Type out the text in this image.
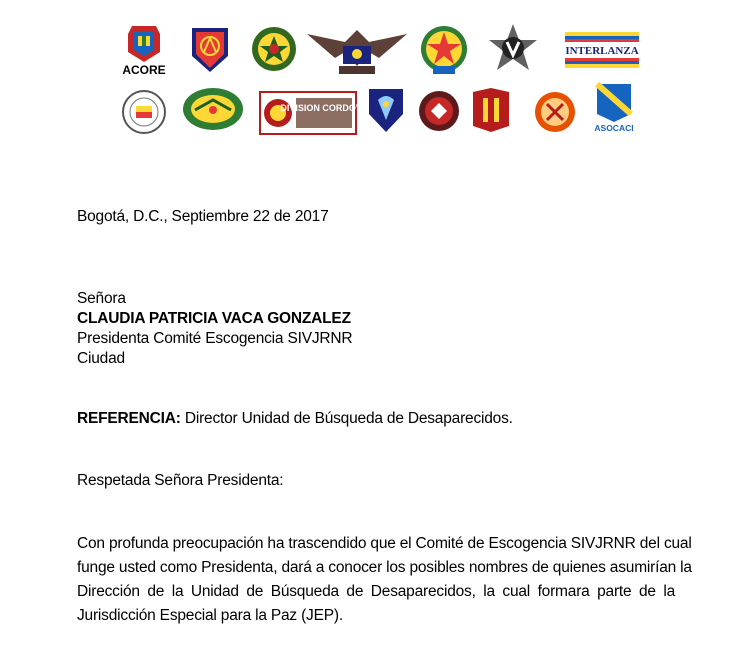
ACORE
INTERLANZA
DIVISION CORDOVA
ASOCACI
Bogotá, D.C., Septiembre 22 de 2017
Señora
CLAUDIA PATRICIA VACA GONZALEZ
Presidenta Comité Escogencia SIVJRNR
Ciudad
REFERENCIA: Director Unidad de Búsqueda de Desaparecidos.
Respetada Señora Presidenta:
Con profunda preocupación ha trascendido que el Comité de Escogencia SIVJRNR del cual
funge usted como Presidenta, dará a conocer los posibles nombres de quienes asumirían la
Dirección de la Unidad de Búsqueda de Desaparecidos, la cual formara parte de la
Jurisdicción Especial para la Paz (JEP).
